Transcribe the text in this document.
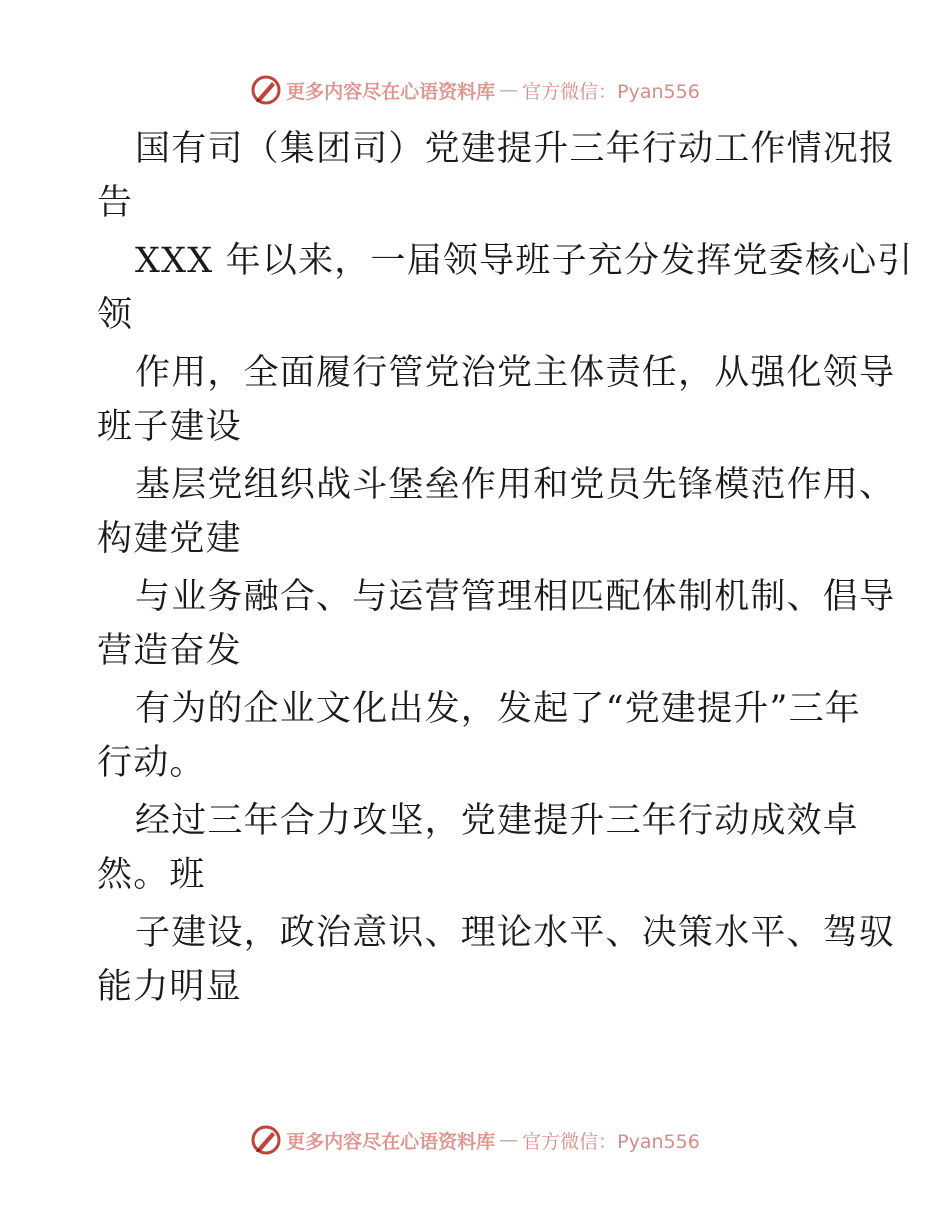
更多内容尽在心语资料库 — 官方微信：Pyan556

国有司（集团司）党建提升三年行动工作情况报
告

XXX 年以来，一届领导班子充分发挥党委核心引
领

作用，全面履行管党治党主体责任，从强化领导
班子建设

基层党组织战斗堡垒作用和党员先锋模范作用、
构建党建

与业务融合、与运营管理相匹配体制机制、倡导
营造奋发

有为的企业文化出发，发起了“党建提升”三年
行动。

经过三年合力攻坚，党建提升三年行动成效卓
然。班

子建设，政治意识、理论水平、决策水平、驾驭
能力明显

更多内容尽在心语资料库 — 官方微信：Pyan556
